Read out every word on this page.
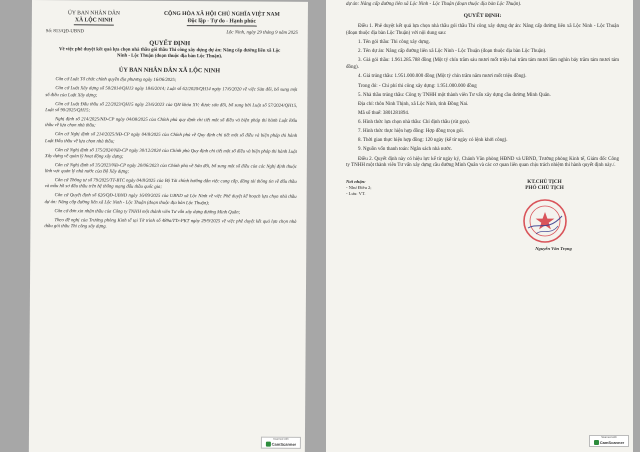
ỦY BAN NHÂN DÂN
XÃ LỘC NINH
CỘNG HÒA XÃ HỘI CHỦ NGHĨA VIỆT NAM
Độc lập - Tự do - Hạnh phúc
Số: 813/QĐ-UBND	Lộc Ninh, ngày 29 tháng 9 năm 2025
QUYẾT ĐỊNH
Về việc phê duyệt kết quả lựa chọn nhà thầu gói thầu Thi công xây dựng dự án: Nâng cấp đường liên xã Lộc Ninh - Lộc Thuận (đoạn thuộc địa bàn Lộc Thuận).
ỦY BAN NHÂN DÂN XÃ LỘC NINH

Căn cứ Luật Tổ chức chính quyền địa phương ngày 16/06/2025;

Căn cứ Luật Xây dựng số 50/2014/QH13 ngày 18/6/2014; Luật số 62/2020/QH14 ngày 17/6/2020 về việc Sửa đổi, bổ sung một số điều của Luật Xây dựng;

Căn cứ Luật Đấu thầu số 22/2023/QH15 ngày 23/6/2023 của QH khóa XV; được sửa đổi, bổ sung bởi Luật số 57/2024/QH15, Luật số 90/2025/QH15;

Nghị định số 214/2025/NĐ-CP ngày 04/08/2025 của Chính phủ quy định chi tiết một số điều và biện pháp thi hành Luật Đấu thầu về lựa chọn nhà thầu;

Căn cứ Nghị định số 214/2025/NĐ-CP ngày 04/8/2025 của Chính phủ về Quy định chi tiết một số điều và biện pháp thi hành Luật Đấu thầu về lựa chọn nhà thầu;

Căn cứ Nghị định số 175/2024/NĐ-CP ngày 30/12/2024 của Chính phủ Quy định chi tiết một số điều và biện pháp thi hành Luật Xây dựng về quản lý hoạt động xây dựng;

Căn cứ Nghị định số 35/2023/NĐ-CP ngày 20/06/2023 của Chính phủ về Sửa đổi, bổ sung một số điều của các Nghị định thuộc lĩnh vực quản lý nhà nước của Bộ Xây dựng;

Căn cứ Thông tư số 79/2025/TT-BTC ngày 04/8/2025 của Bộ Tài chính hướng dẫn việc cung cấp, đăng tải thông tin về đấu thầu và mẫu hồ sơ đấu thầu trên hệ thống mạng đấu thầu quốc gia;

Căn cứ Quyết định số 626/QĐ-UBND ngày 16/09/2025 của UBND xã Lộc Ninh về việc Phê duyệt kế hoạch lựa chọn nhà thầu dự án: Nâng cấp đường liên xã Lộc Ninh - Lộc Thuận (đoạn thuộc địa bàn Lộc Thuận);

Căn cứ đơn xin nhận thầu của Công ty TNHH một thành viên Tư vấn xây dựng đường Minh Quân;

Theo đề nghị của Trưởng phòng Kinh tế tại Tờ trình số 489a/TTr-PKT ngày 29/9/2025 về việc phê duyệt kết quả lựa chọn nhà thầu gói thầu Thi công xây dựng.

Scanned with
CamScanner

dự án: Nâng cấp đường liên xã Lộc Ninh - Lộc Thuận (đoạn thuộc địa bàn Lộc Thuận).

QUYẾT ĐỊNH:

Điều 1. Phê duyệt kết quả lựa chọn nhà thầu gói thầu Thi công xây dựng dự án: Nâng cấp đường liên xã Lộc Ninh - Lộc Thuận (đoạn thuộc địa bàn Lộc Thuận) với nội dung sau:

1. Tên gói thầu: Thi công xây dựng.

2. Tên dự án: Nâng cấp đường liên xã Lộc Ninh - Lộc Thuận (đoạn thuộc địa bàn Lộc Thuận).

3. Giá gói thầu: 1.961.285.788 đồng (Một tỷ chín trăm sáu mươi mốt triệu hai trăm tám mươi lăm nghìn bảy trăm tám mươi tám đồng).

4. Giá trúng thầu: 1.951.000.000 đồng (Một tỷ chín trăm năm mươi mốt triệu đồng).

Trong đó: - Chi phí thi công xây dựng: 1.951.000.000 đồng

5. Nhà thầu trúng thầu: Công ty TNHH một thành viên Tư vấn xây dựng cầu đường Minh Quân.

Địa chỉ: thôn Ninh Thịnh, xã Lộc Ninh, tỉnh Đồng Nai.

Mã số thuế: 3801281894.

6. Hình thức lựa chọn nhà thầu: Chỉ định thầu (rút gọn).

7. Hình thức thực hiện hợp đồng: Hợp đồng trọn gói.

8. Thời gian thực hiện hợp đồng: 120 ngày (kể từ ngày có lệnh khởi công).

9. Nguồn vốn thanh toán: Ngân sách nhà nước.

Điều 2. Quyết định này có hiệu lực kể từ ngày ký, Chánh Văn phòng HĐND và UBND, Trưởng phòng Kinh tế, Giám đốc Công ty TNHH một thành viên Tư vấn xây dựng cầu đường Minh Quân và các cơ quan liên quan chịu trách nhiệm thi hành quyết định này./.

Nơi nhận:
- Như Điều 2;
- Lưu: VT.
KT.CHỦ TỊCH
PHÓ CHỦ TỊCH
Nguyễn Văn Trọng
Scanned with
CamScanner
